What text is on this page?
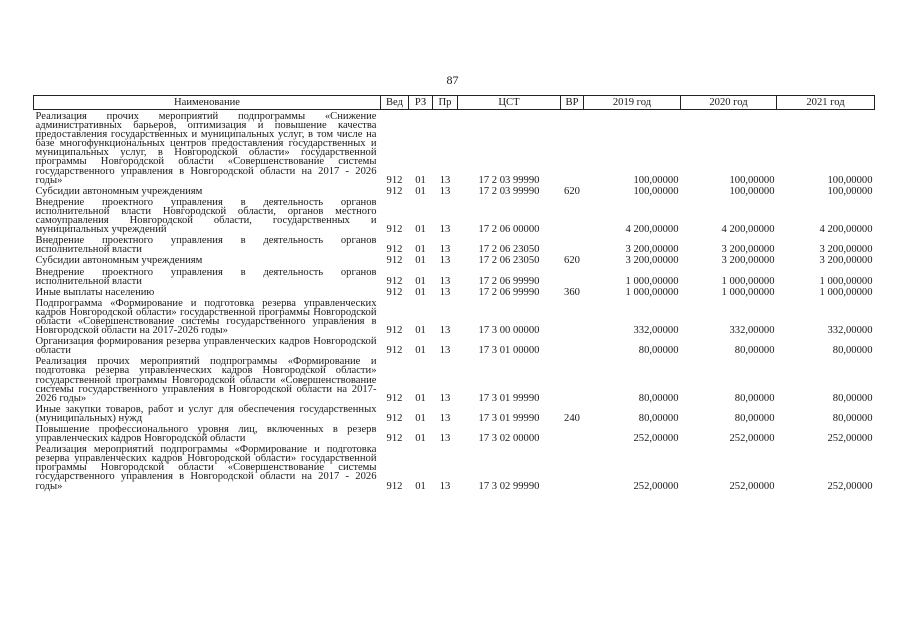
87
Наименование	Вед	РЗ	Пр	ЦСТ	ВР	2019 год	2020 год	2021 год
Реализация прочих мероприятий подпрограммы «Снижение административных барьеров, оптимизация и повышение качества предоставления государственных и муниципальных услуг, в том числе на базе многофункциональных центров предоставления государственных и муниципальных услуг, в Новгородской области» государственной программы Новгородской области «Совершенствование системы государственного управления в Новгородской области на 2017 - 2026 годы»	912	01	13	17 2 03 99990		100,00000	100,00000	100,00000
Субсидии автономным учреждениям	912	01	13	17 2 03 99990	620	100,00000	100,00000	100,00000
Внедрение проектного управления в деятельность органов исполнительной власти Новгородской области, органов местного самоуправления Новгородской области, государственных и муниципальных учреждений	912	01	13	17 2 06 00000		4 200,00000	4 200,00000	4 200,00000
Внедрение проектного управления в деятельность органов исполнительной власти	912	01	13	17 2 06 23050		3 200,00000	3 200,00000	3 200,00000
Субсидии автономным учреждениям	912	01	13	17 2 06 23050	620	3 200,00000	3 200,00000	3 200,00000
Внедрение проектного управления в деятельность органов исполнительной власти	912	01	13	17 2 06 99990		1 000,00000	1 000,00000	1 000,00000
Иные выплаты населению	912	01	13	17 2 06 99990	360	1 000,00000	1 000,00000	1 000,00000
Подпрограмма «Формирование и подготовка резерва управленческих кадров Новгородской области» государственной программы Новгородской области «Совершенствование системы государственного управления в Новгородской области на 2017-2026 годы»	912	01	13	17 3 00 00000		332,00000	332,00000	332,00000
Организация формирования резерва управленческих кадров Новгородской области	912	01	13	17 3 01 00000		80,00000	80,00000	80,00000
Реализация прочих мероприятий подпрограммы «Формирование и подготовка резерва управленческих кадров Новгородской области» государственной программы Новгородской области «Совершенствование системы государственного управления в Новгородской области на 2017-2026 годы»	912	01	13	17 3 01 99990		80,00000	80,00000	80,00000
Иные закупки товаров, работ и услуг для обеспечения государственных (муниципальных) нужд	912	01	13	17 3 01 99990	240	80,00000	80,00000	80,00000
Повышение профессионального уровня лиц, включенных в резерв управленческих кадров Новгородской области	912	01	13	17 3 02 00000		252,00000	252,00000	252,00000
Реализация мероприятий подпрограммы «Формирование и подготовка резерва управленческих кадров Новгородской области» государственной программы Новгородской области «Совершенствование системы государственного управления в Новгородской области на 2017 - 2026 годы»	912	01	13	17 3 02 99990		252,00000	252,00000	252,00000
